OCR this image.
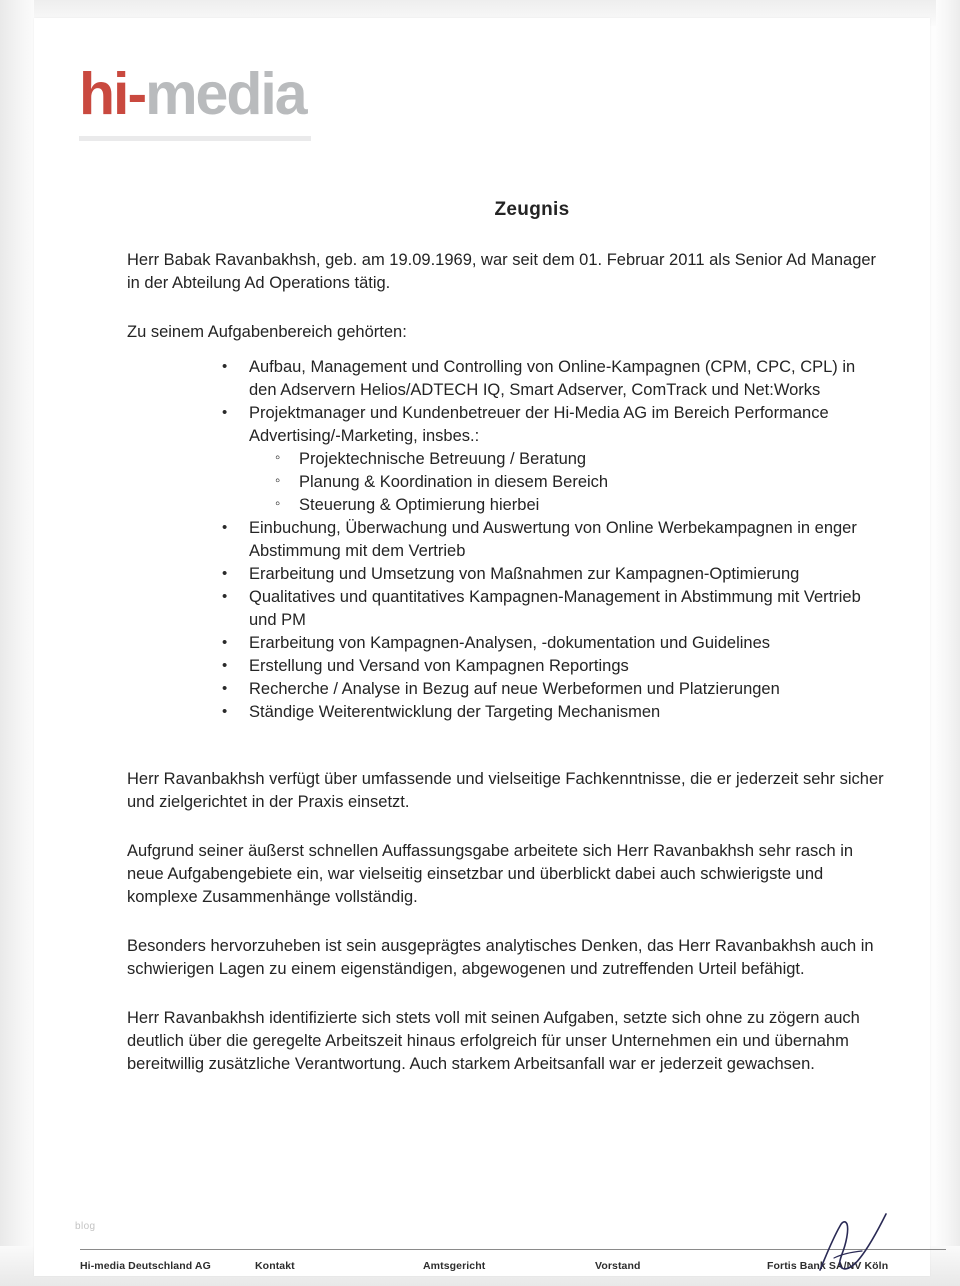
hi-media
Zeugnis

Herr Babak Ravanbakhsh, geb. am 19.09.1969, war seit dem 01. Februar 2011 als Senior Ad Manager in der Abteilung Ad Operations tätig.

Zu seinem Aufgabenbereich gehörten:

• Aufbau, Management und Controlling von Online-Kampagnen (CPM, CPC, CPL) in den Adservern Helios/ADTECH IQ, Smart Adserver, ComTrack und Net:Works
• Projektmanager und Kundenbetreuer der Hi-Media AG im Bereich Performance Advertising/-Marketing, insbes.:
◦ Projektechnische Betreuung / Beratung
◦ Planung & Koordination in diesem Bereich
◦ Steuerung & Optimierung hierbei
• Einbuchung, Überwachung und Auswertung von Online Werbekampagnen in enger Abstimmung mit dem Vertrieb
• Erarbeitung und Umsetzung von Maßnahmen zur Kampagnen-Optimierung
• Qualitatives und quantitatives Kampagnen-Management in Abstimmung mit Vertrieb und PM
• Erarbeitung von Kampagnen-Analysen, -dokumentation und Guidelines
• Erstellung und Versand von Kampagnen Reportings
• Recherche / Analyse in Bezug auf neue Werbeformen und Platzierungen
• Ständige Weiterentwicklung der Targeting Mechanismen

Herr Ravanbakhsh verfügt über umfassende und vielseitige Fachkenntnisse, die er jederzeit sehr sicher und zielgerichtet in der Praxis einsetzt.

Aufgrund seiner äußerst schnellen Auffassungsgabe arbeitete sich Herr Ravanbakhsh sehr rasch in neue Aufgabengebiete ein, war vielseitig einsetzbar und überblickt dabei auch schwierigste und komplexe Zusammenhänge vollständig.

Besonders hervorzuheben ist sein ausgeprägtes analytisches Denken, das Herr Ravanbakhsh auch in schwierigen Lagen zu einem eigenständigen, abgewogenen und zutreffenden Urteil befähigt.

Herr Ravanbakhsh identifizierte sich stets voll mit seinen Aufgaben, setzte sich ohne zu zögern auch deutlich über die geregelte Arbeitszeit hinaus erfolgreich für unser Unternehmen ein und übernahm bereitwillig zusätzliche Verantwortung. Auch starkem Arbeitsanfall war er jederzeit gewachsen.

blog
Hi-media Deutschland AG	Kontakt	Amtsgericht	Vorstand	Fortis Bank SA/NV Köln
